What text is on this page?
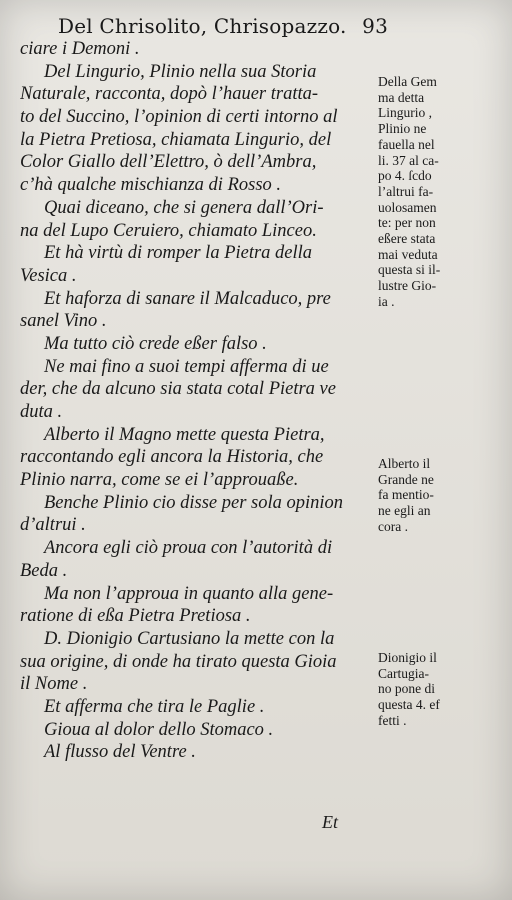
Del Chrisolito, Chrisopazzo. 93
ciare i Demoni .
Del Lingurio, Plinio nella sua Storia
Naturale, racconta, dopò l’hauer tratta-
to del Succino, l’opinion di certi intorno al
la Pietra Pretiosa, chiamata Lingurio, del
Color Giallo dell’Elettro, ò dell’Ambra,
c’hà qualche mischianza di Rosso .
Quai diceano, che si genera dall’Ori-
na del Lupo Ceruiero, chiamato Linceo.
Et hà virtù di romper la Pietra della
Vesica .
Et haforza di sanare il Malcaduco, pre
sanel Vino .
Ma tutto ciò crede eßer falso .
Ne mai fino a suoi tempi afferma di ue
der, che da alcuno sia stata cotal Pietra ve
duta .
Alberto il Magno mette questa Pietra,
raccontando egli ancora la Historia, che
Plinio narra, come se ei l’approuaße.
Benche Plinio cio disse per sola opinion
d’altrui .
Ancora egli ciò proua con l’autorità di
Beda .
Ma non l’approua in quanto alla gene-
ratione di eßa Pietra Pretiosa .
D. Dionigio Cartusiano la mette con la
sua origine, di onde ha tirato questa Gioia
il Nome .
Et afferma che tira le Paglie .
Gioua al dolor dello Stomaco .
Al flusso del Ventre .
Della Gem
ma detta
Lingurio ,
Plinio ne
fauella nel
li. 37 al ca-
po 4. ſcdo
l’altrui fa-
uolosamen
te: per non
eßere stata
mai veduta
questa si il-
lustre Gio-
ia .
Alberto il
Grande ne
fa mentio-
ne egli an
cora .
Dionigio il
Cartugia-
no pone di
questa 4. ef
fetti .
Et
